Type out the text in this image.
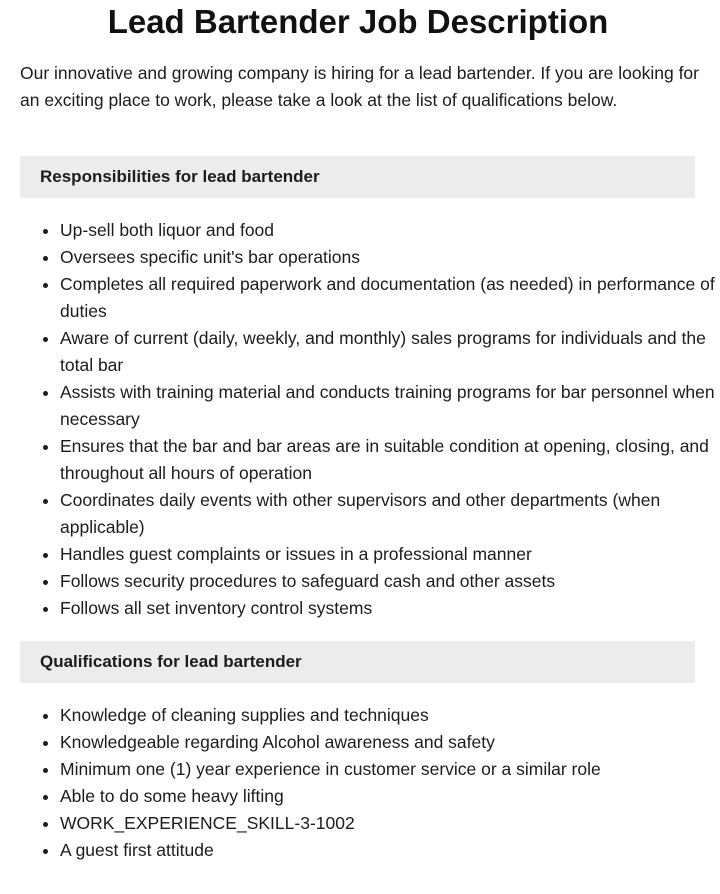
Lead Bartender Job Description

Our innovative and growing company is hiring for a lead bartender. If you are looking for an exciting place to work, please take a look at the list of qualifications below.

Responsibilities for lead bartender
• Up-sell both liquor and food
• Oversees specific unit's bar operations
• Completes all required paperwork and documentation (as needed) in performance of duties
• Aware of current (daily, weekly, and monthly) sales programs for individuals and the total bar
• Assists with training material and conducts training programs for bar personnel when necessary
• Ensures that the bar and bar areas are in suitable condition at opening, closing, and throughout all hours of operation
• Coordinates daily events with other supervisors and other departments (when applicable)
• Handles guest complaints or issues in a professional manner
• Follows security procedures to safeguard cash and other assets
• Follows all set inventory control systems
Qualifications for lead bartender
• Knowledge of cleaning supplies and techniques
• Knowledgeable regarding Alcohol awareness and safety
• Minimum one (1) year experience in customer service or a similar role
• Able to do some heavy lifting
• WORK_EXPERIENCE_SKILL-3-1002
• A guest first attitude
